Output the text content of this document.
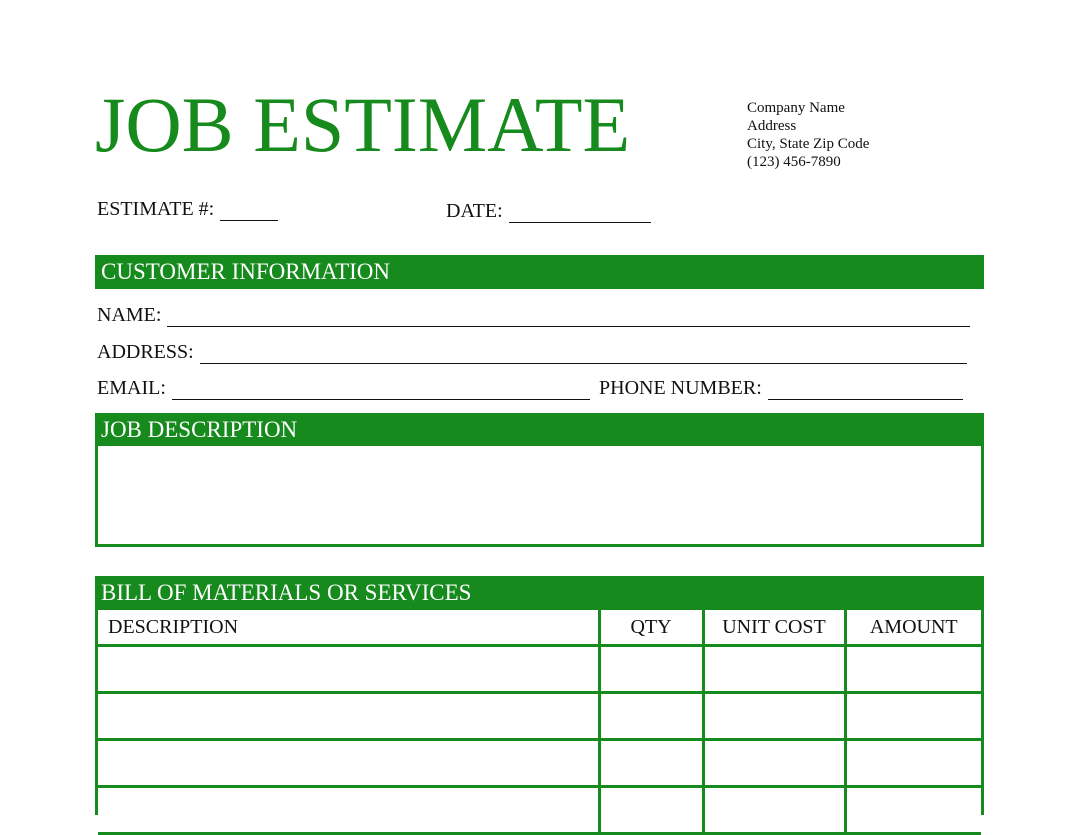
JOB ESTIMATE	Company Name
Address
City, State Zip Code
(123) 456-7890
ESTIMATE #:	DATE:
CUSTOMER INFORMATION
NAME:
ADDRESS:
EMAIL:	PHONE NUMBER:
JOB DESCRIPTION
BILL OF MATERIALS OR SERVICES
DESCRIPTION	QTY	UNIT COST	AMOUNT
